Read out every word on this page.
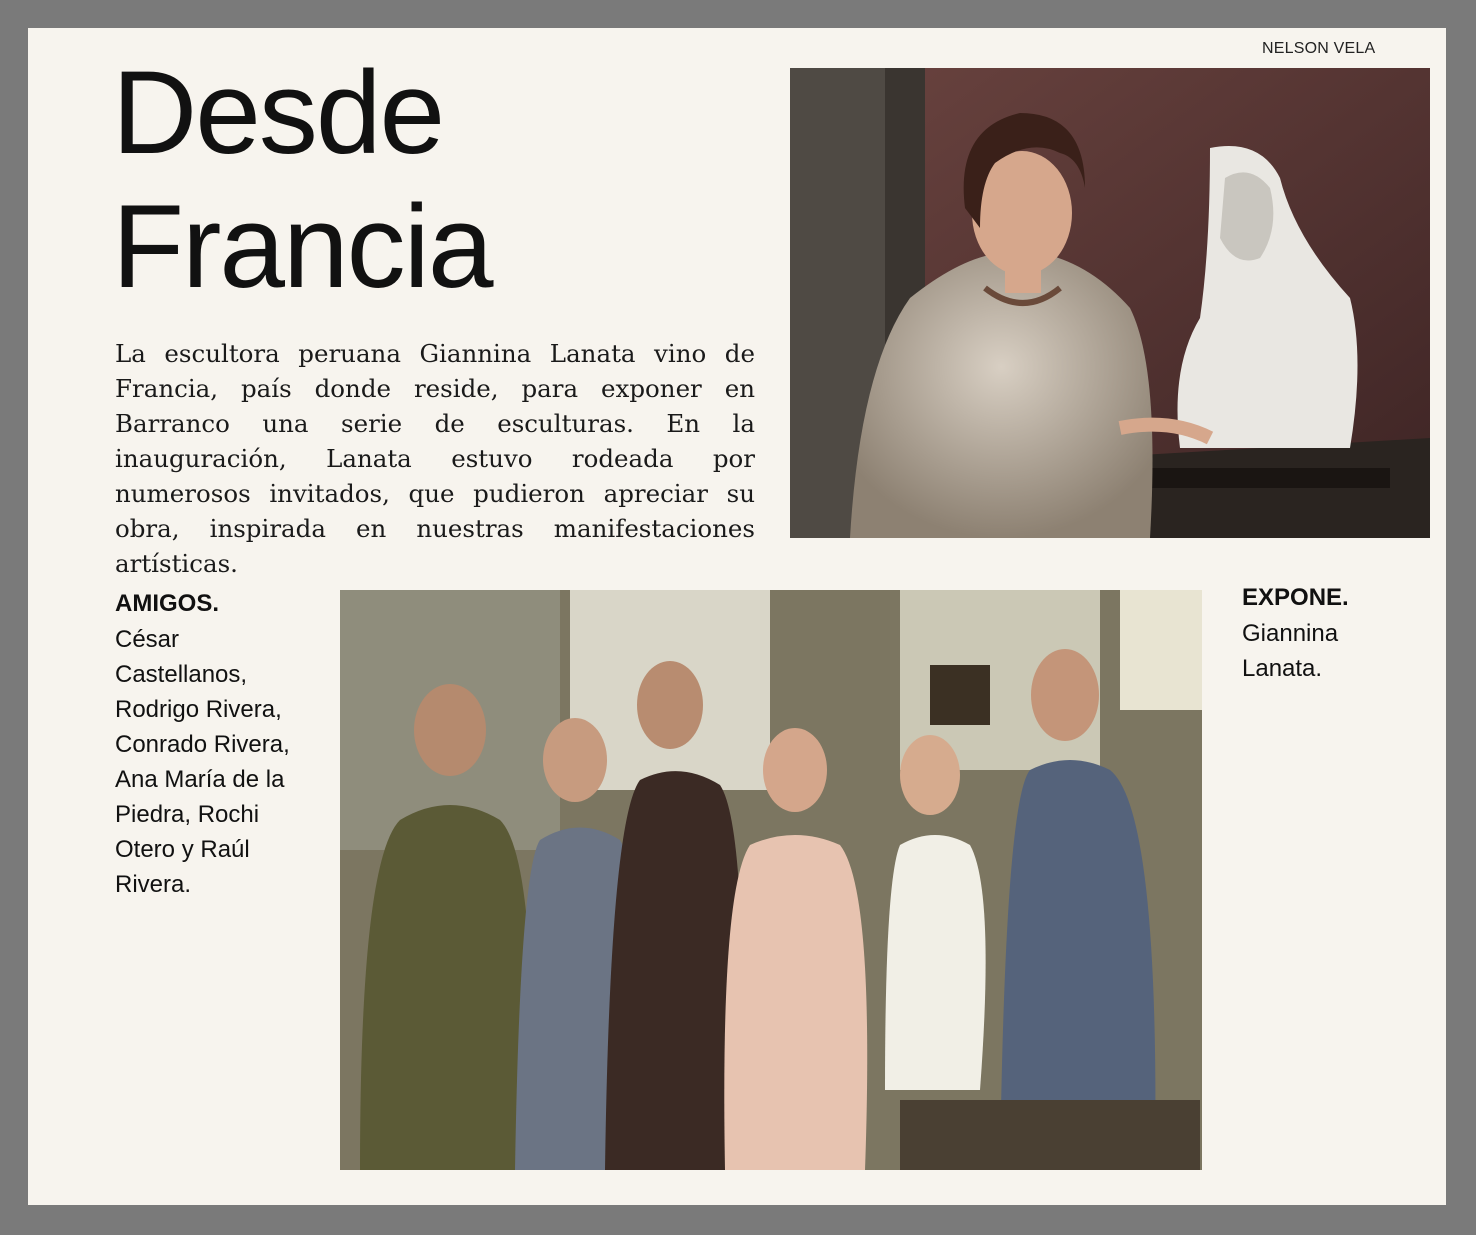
NELSON VELA
Desde
Francia

La escultora peruana Giannina Lanata vino de Francia, país donde reside, para exponer en Barranco una serie de esculturas. En la inauguración, Lanata estuvo rodeada por numerosos invitados, que pudieron apreciar su obra, inspirada en nuestras manifestaciones artísticas.

AMIGOS.
César Castellanos, Rodrigo Rivera, Conrado Rivera, Ana María de la Piedra, Rochi Otero y Raúl Rivera.
EXPONE.
Giannina Lanata.
